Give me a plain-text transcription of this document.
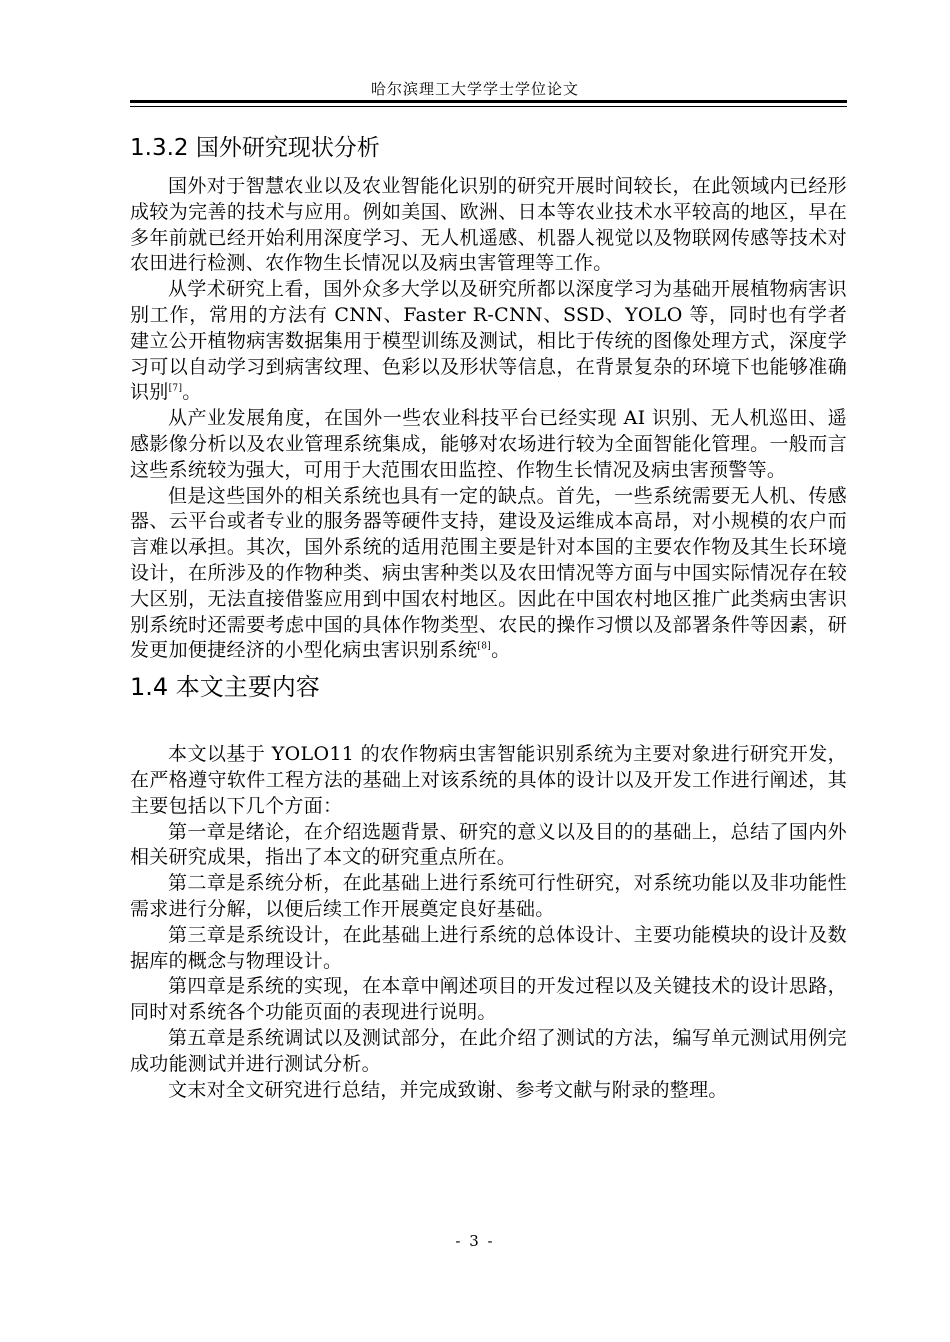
哈尔滨理工大学学士学位论文
1.3.2 国外研究现状分析

国外对于智慧农业以及农业智能化识别的研究开展时间较长，在此领域内已经形成较为完善的技术与应用。例如美国、欧洲、日本等农业技术水平较高的地区，早在多年前就已经开始利用深度学习、无人机遥感、机器人视觉以及物联网传感等技术对农田进行检测、农作物生长情况以及病虫害管理等工作。

从学术研究上看，国外众多大学以及研究所都以深度学习为基础开展植物病害识别工作，常用的方法有 CNN、Faster R-CNN、SSD、YOLO 等，同时也有学者建立公开植物病害数据集用于模型训练及测试，相比于传统的图像处理方式，深度学习可以自动学习到病害纹理、色彩以及形状等信息，在背景复杂的环境下也能够准确识别[7]。

从产业发展角度，在国外一些农业科技平台已经实现 AI 识别、无人机巡田、遥感影像分析以及农业管理系统集成，能够对农场进行较为全面智能化管理。一般而言这些系统较为强大，可用于大范围农田监控、作物生长情况及病虫害预警等。

但是这些国外的相关系统也具有一定的缺点。首先，一些系统需要无人机、传感器、云平台或者专业的服务器等硬件支持，建设及运维成本高昂，对小规模的农户而言难以承担。其次，国外系统的适用范围主要是针对本国的主要农作物及其生长环境设计，在所涉及的作物种类、病虫害种类以及农田情况等方面与中国实际情况存在较大区别，无法直接借鉴应用到中国农村地区。因此在中国农村地区推广此类病虫害识别系统时还需要考虑中国的具体作物类型、农民的操作习惯以及部署条件等因素，研发更加便捷经济的小型化病虫害识别系统[8]。

1.4 本文主要内容

本文以基于 YOLO11 的农作物病虫害智能识别系统为主要对象进行研究开发，在严格遵守软件工程方法的基础上对该系统的具体的设计以及开发工作进行阐述，其主要包括以下几个方面：

第一章是绪论，在介绍选题背景、研究的意义以及目的的基础上，总结了国内外相关研究成果，指出了本文的研究重点所在。

第二章是系统分析，在此基础上进行系统可行性研究，对系统功能以及非功能性需求进行分解，以便后续工作开展奠定良好基础。

第三章是系统设计，在此基础上进行系统的总体设计、主要功能模块的设计及数据库的概念与物理设计。

第四章是系统的实现，在本章中阐述项目的开发过程以及关键技术的设计思路，同时对系统各个功能页面的表现进行说明。

第五章是系统调试以及测试部分，在此介绍了测试的方法，编写单元测试用例完成功能测试并进行测试分析。

文末对全文研究进行总结，并完成致谢、参考文献与附录的整理。

- 3 -
